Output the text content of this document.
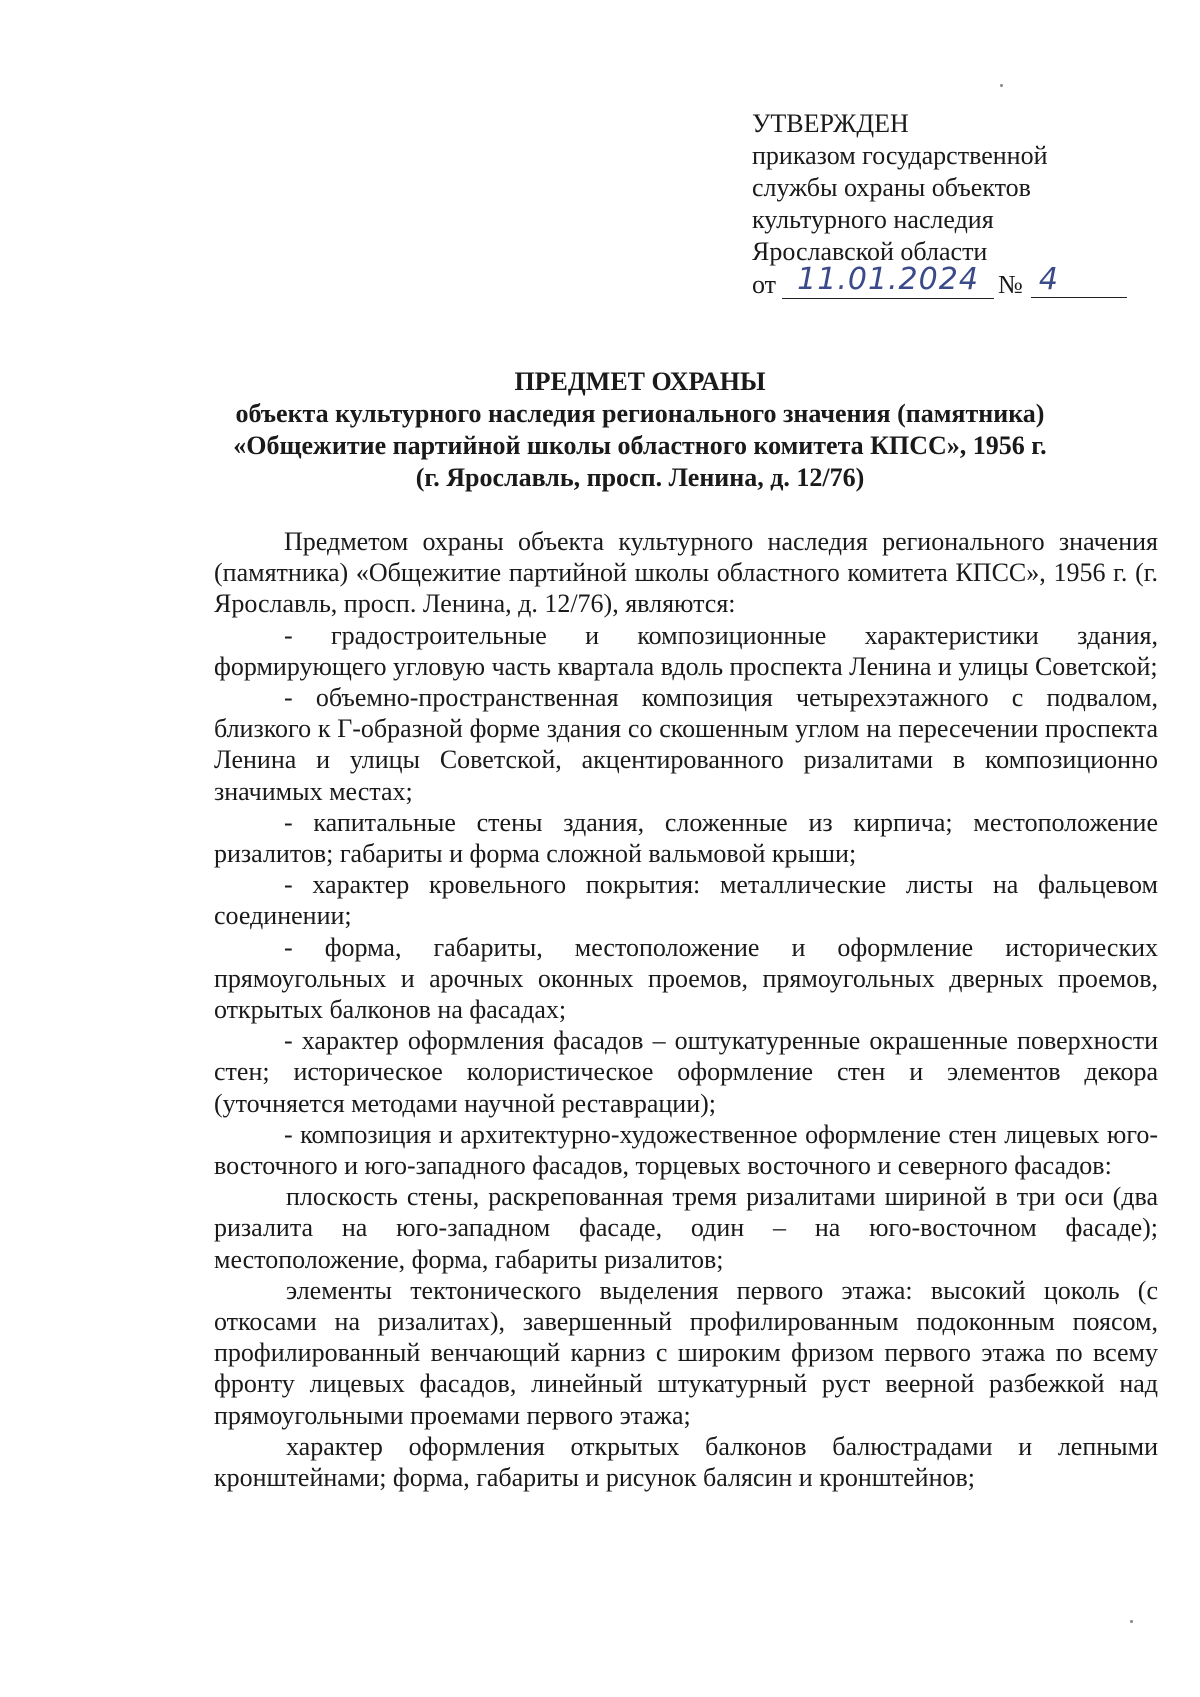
УТВЕРЖДЕН
приказом государственной
службы охраны объектов
культурного наследия
Ярославской области
от 11.01.2024 № 4
ПРЕДМЕТ ОХРАНЫ
объекта культурного наследия регионального значения (памятника)
«Общежитие партийной школы областного комитета КПСС», 1956 г.
(г. Ярославль, просп. Ленина, д. 12/76)

Предметом охраны объекта культурного наследия регионального значения (памятника) «Общежитие партийной школы областного комитета КПСС», 1956 г. (г. Ярославль, просп. Ленина, д. 12/76), являются:

- градостроительные и композиционные характеристики здания, формирующего угловую часть квартала вдоль проспекта Ленина и улицы Советской;

- объемно-пространственная композиция четырехэтажного с подвалом, близкого к Г-образной форме здания со скошенным углом на пересечении проспекта Ленина и улицы Советской, акцентированного ризалитами в композиционно значимых местах;

- капитальные стены здания, сложенные из кирпича; местоположение ризалитов; габариты и форма сложной вальмовой крыши;

- характер кровельного покрытия: металлические листы на фальцевом соединении;

- форма, габариты, местоположение и оформление исторических прямоугольных и арочных оконных проемов, прямоугольных дверных проемов, открытых балконов на фасадах;

- характер оформления фасадов – оштукатуренные окрашенные поверхности стен; историческое колористическое оформление стен и элементов декора (уточняется методами научной реставрации);

- композиция и архитектурно-художественное оформление стен лицевых юго-восточного и юго-западного фасадов, торцевых восточного и северного фасадов:

плоскость стены, раскрепованная тремя ризалитами шириной в три оси (два ризалита на юго-западном фасаде, один – на юго-восточном фасаде); местоположение, форма, габариты ризалитов;

элементы тектонического выделения первого этажа: высокий цоколь (с откосами на ризалитах), завершенный профилированным подоконным поясом, профилированный венчающий карниз с широким фризом первого этажа по всему фронту лицевых фасадов, линейный штукатурный руст веерной разбежкой над прямоугольными проемами первого этажа;

характер оформления открытых балконов балюстрадами и лепными кронштейнами; форма, габариты и рисунок балясин и кронштейнов;
